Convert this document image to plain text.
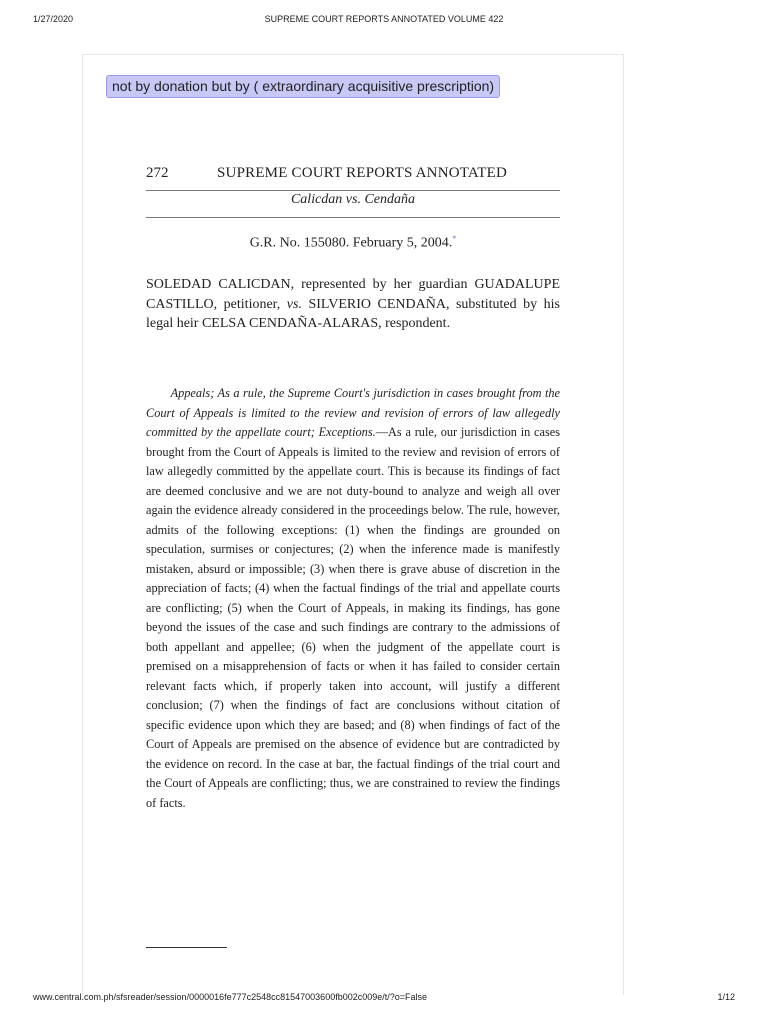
1/27/2020	SUPREME COURT REPORTS ANNOTATED VOLUME 422
not by donation but by ( extraordinary acquisitive prescription)
272	SUPREME COURT REPORTS ANNOTATED
Calicdan vs. Cendaña
G.R. No. 155080. February 5, 2004.*
SOLEDAD CALICDAN, represented by her guardian GUADALUPE CASTILLO, petitioner, vs. SILVERIO CENDAÑA, substituted by his legal heir CELSA CENDAÑA-ALARAS, respondent.
  Appeals; As a rule, the Supreme Court's jurisdiction in cases brought from the Court of Appeals is limited to the review and revision of errors of law allegedly committed by the appellate court; Exceptions.—As a rule, our jurisdiction in cases brought from the Court of Appeals is limited to the review and revision of errors of law allegedly committed by the appellate court. This is because its findings of fact are deemed conclusive and we are not duty-bound to analyze and weigh all over again the evidence already considered in the proceedings below. The rule, however, admits of the following exceptions: (1) when the findings are grounded on speculation, surmises or conjectures; (2) when the inference made is manifestly mistaken, absurd or impossible; (3) when there is grave abuse of discretion in the appreciation of facts; (4) when the factual findings of the trial and appellate courts are conflicting; (5) when the Court of Appeals, in making its findings, has gone beyond the issues of the case and such findings are contrary to the admissions of both appellant and appellee; (6) when the judgment of the appellate court is premised on a misapprehension of facts or when it has failed to consider certain relevant facts which, if properly taken into account, will justify a different conclusion; (7) when the findings of fact are conclusions without citation of specific evidence upon which they are based; and (8) when findings of fact of the Court of Appeals are premised on the absence of evidence but are contradicted by the evidence on record. In the case at bar, the factual findings of the trial court and the Court of Appeals are conflicting; thus, we are constrained to review the findings of facts.
www.central.com.ph/sfsreader/session/0000016fe777c2548cc81547003600fb002c009e/t/?o=False	1/12
